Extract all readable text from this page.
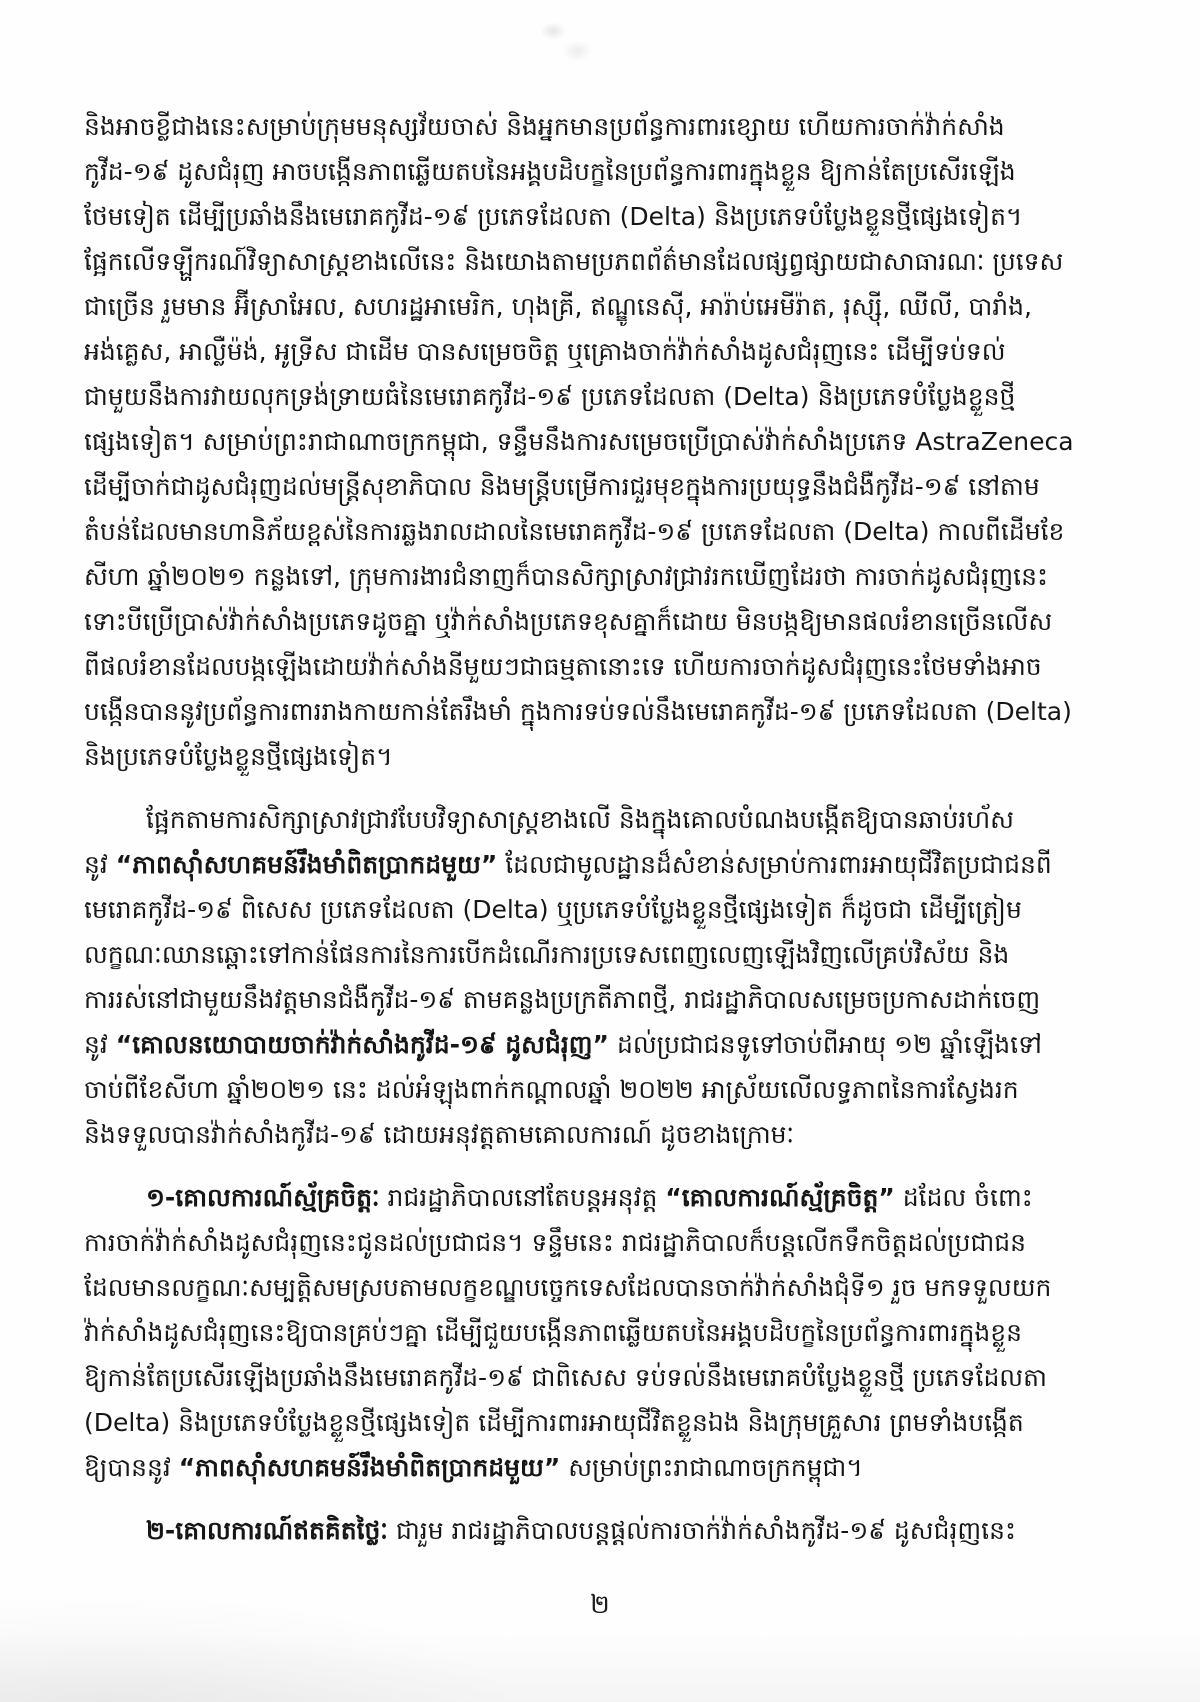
និងអាចខ្លីជាងនេះសម្រាប់ក្រុមមនុស្សវ័យចាស់ និងអ្នកមានប្រព័ន្ធការពារខ្សោយ ហើយការចាក់វ៉ាក់សាំង
កូវីដ-១៩ ដូសជំរុញ អាចបង្កើនភាពឆ្លើយតបនៃអង្គបដិបក្ខនៃប្រព័ន្ធការពារក្នុងខ្លួន ឱ្យកាន់តែប្រសើរឡើង
ថែមទៀត ដើម្បីប្រឆាំងនឹងមេរោគកូវីដ-១៩ ប្រភេទដែលតា (Delta) និងប្រភេទបំប្លែងខ្លួនថ្មីផ្សេងទៀត។
ផ្អែកលើទឡ្ហីករណ៍វិទ្យាសាស្ត្រខាងលើនេះ និងយោងតាមប្រភពព័ត៌មានដែលផ្សព្វផ្សាយជាសាធារណៈ ប្រទេស
ជាច្រើន រួមមាន អ៊ីស្រាអែល, សហរដ្ឋអាមេរិក, ហុងគ្រី, ឥណ្ឌូនេស៊ី, អារ៉ាប់អេមីរ៉ាត, រុស្ស៊ី, ឈីលី, បារាំង,
អង់គ្លេស, អាល្លឺម៉ង់, អូទ្រីស ជាដើម បានសម្រេចចិត្ត ឬគ្រោងចាក់វ៉ាក់សាំងដូសជំរុញនេះ ដើម្បីទប់ទល់
ជាមួយនឹងការវាយលុកទ្រង់ទ្រាយធំនៃមេរោគកូវីដ-១៩ ប្រភេទដែលតា (Delta) និងប្រភេទបំប្លែងខ្លួនថ្មី
ផ្សេងទៀត។ សម្រាប់ព្រះរាជាណាចក្រកម្ពុជា, ទន្ទឹមនឹងការសម្រេចប្រើប្រាស់វ៉ាក់សាំងប្រភេទ AstraZeneca
ដើម្បីចាក់ជាដូសជំរុញដល់មន្ត្រីសុខាភិបាល និងមន្ត្រីបម្រើការជួរមុខក្នុងការប្រយុទ្ធនឹងជំងឺកូវីដ-១៩ នៅតាម
តំបន់ដែលមានហានិភ័យខ្ពស់នៃការឆ្លងរាលដាលនៃមេរោគកូវីដ-១៩ ប្រភេទដែលតា (Delta) កាលពីដើមខែ
សីហា ឆ្នាំ២០២១ កន្លងទៅ, ក្រុមការងារជំនាញក៏បានសិក្សាស្រាវជ្រាវរកឃើញដែរថា ការចាក់ដូសជំរុញនេះ
ទោះបីប្រើប្រាស់វ៉ាក់សាំងប្រភេទដូចគ្នា ឬវ៉ាក់សាំងប្រភេទខុសគ្នាក៏ដោយ មិនបង្កឱ្យមានផលរំខានច្រើនលើស
ពីផលរំខានដែលបង្កឡើងដោយវ៉ាក់សាំងនីមួយៗជាធម្មតានោះទេ ហើយការចាក់ដូសជំរុញនេះថែមទាំងអាច
បង្កើនបាននូវប្រព័ន្ធការពាររាងកាយកាន់តែរឹងមាំ ក្នុងការទប់ទល់នឹងមេរោគកូវីដ-១៩ ប្រភេទដែលតា (Delta)
និងប្រភេទបំប្លែងខ្លួនថ្មីផ្សេងទៀត។
ផ្អែកតាមការសិក្សាស្រាវជ្រាវបែបវិទ្យាសាស្ត្រខាងលើ និងក្នុងគោលបំណងបង្កើតឱ្យបានឆាប់រហ័ស
នូវ “ភាពស៊ាំសហគមន៍រឹងមាំពិតប្រាកដមួយ” ដែលជាមូលដ្ឋានដ៏សំខាន់សម្រាប់ការពារអាយុជីវិតប្រជាជនពី
មេរោគកូវីដ-១៩ ពិសេស ប្រភេទដែលតា (Delta) ឬប្រភេទបំប្លែងខ្លួនថ្មីផ្សេងទៀត ក៏ដូចជា ដើម្បីត្រៀម
លក្ខណៈឈានឆ្ពោះទៅកាន់ផែនការនៃការបើកដំណើរការប្រទេសពេញលេញឡើងវិញលើគ្រប់វិស័យ និង
ការរស់នៅជាមួយនឹងវត្តមានជំងឺកូវីដ-១៩ តាមគន្លងប្រក្រតីភាពថ្មី, រាជរដ្ឋាភិបាលសម្រេចប្រកាសដាក់ចេញ
នូវ “គោលនយោបាយចាក់វ៉ាក់សាំងកូវីដ-១៩ ដូសជំរុញ” ដល់ប្រជាជនទូទៅចាប់ពីអាយុ ១២ ឆ្នាំឡើងទៅ
ចាប់ពីខែសីហា ឆ្នាំ២០២១ នេះ ដល់អំឡុងពាក់កណ្តាលឆ្នាំ ២០២២ អាស្រ័យលើលទ្ធភាពនៃការស្វែងរក
និងទទួលបានវ៉ាក់សាំងកូវីដ-១៩ ដោយអនុវត្តតាមគោលការណ៍ ដូចខាងក្រោមៈ
១-គោលការណ៍ស្ម័គ្រចិត្តៈ រាជរដ្ឋាភិបាលនៅតែបន្តអនុវត្ត “គោលការណ៍ស្ម័គ្រចិត្ត” ដដែល ចំពោះ
ការចាក់វ៉ាក់សាំងដូសជំរុញនេះជូនដល់ប្រជាជន។ ទន្ទឹមនេះ រាជរដ្ឋាភិបាលក៏បន្តលើកទឹកចិត្តដល់ប្រជាជន
ដែលមានលក្ខណៈសម្បត្តិសមស្របតាមលក្ខខណ្ឌបច្ចេកទេសដែលបានចាក់វ៉ាក់សាំងជុំទី១ រួច មកទទួលយក
វ៉ាក់សាំងដូសជំរុញនេះឱ្យបានគ្រប់ៗគ្នា ដើម្បីជួយបង្កើនភាពឆ្លើយតបនៃអង្គបដិបក្ខនៃប្រព័ន្ធការពារក្នុងខ្លួន
ឱ្យកាន់តែប្រសើរឡើងប្រឆាំងនឹងមេរោគកូវីដ-១៩ ជាពិសេស ទប់ទល់នឹងមេរោគបំប្លែងខ្លួនថ្មី ប្រភេទដែលតា
(Delta) និងប្រភេទបំប្លែងខ្លួនថ្មីផ្សេងទៀត ដើម្បីការពារអាយុជីវិតខ្លួនឯង និងក្រុមគ្រួសារ ព្រមទាំងបង្កើត
ឱ្យបាននូវ “ភាពស៊ាំសហគមន៍រឹងមាំពិតប្រាកដមួយ” សម្រាប់ព្រះរាជាណាចក្រកម្ពុជា។
២-គោលការណ៍ឥតគិតថ្លៃៈ ជារួម រាជរដ្ឋាភិបាលបន្តផ្តល់ការចាក់វ៉ាក់សាំងកូវីដ-១៩ ដូសជំរុញនេះ
២
